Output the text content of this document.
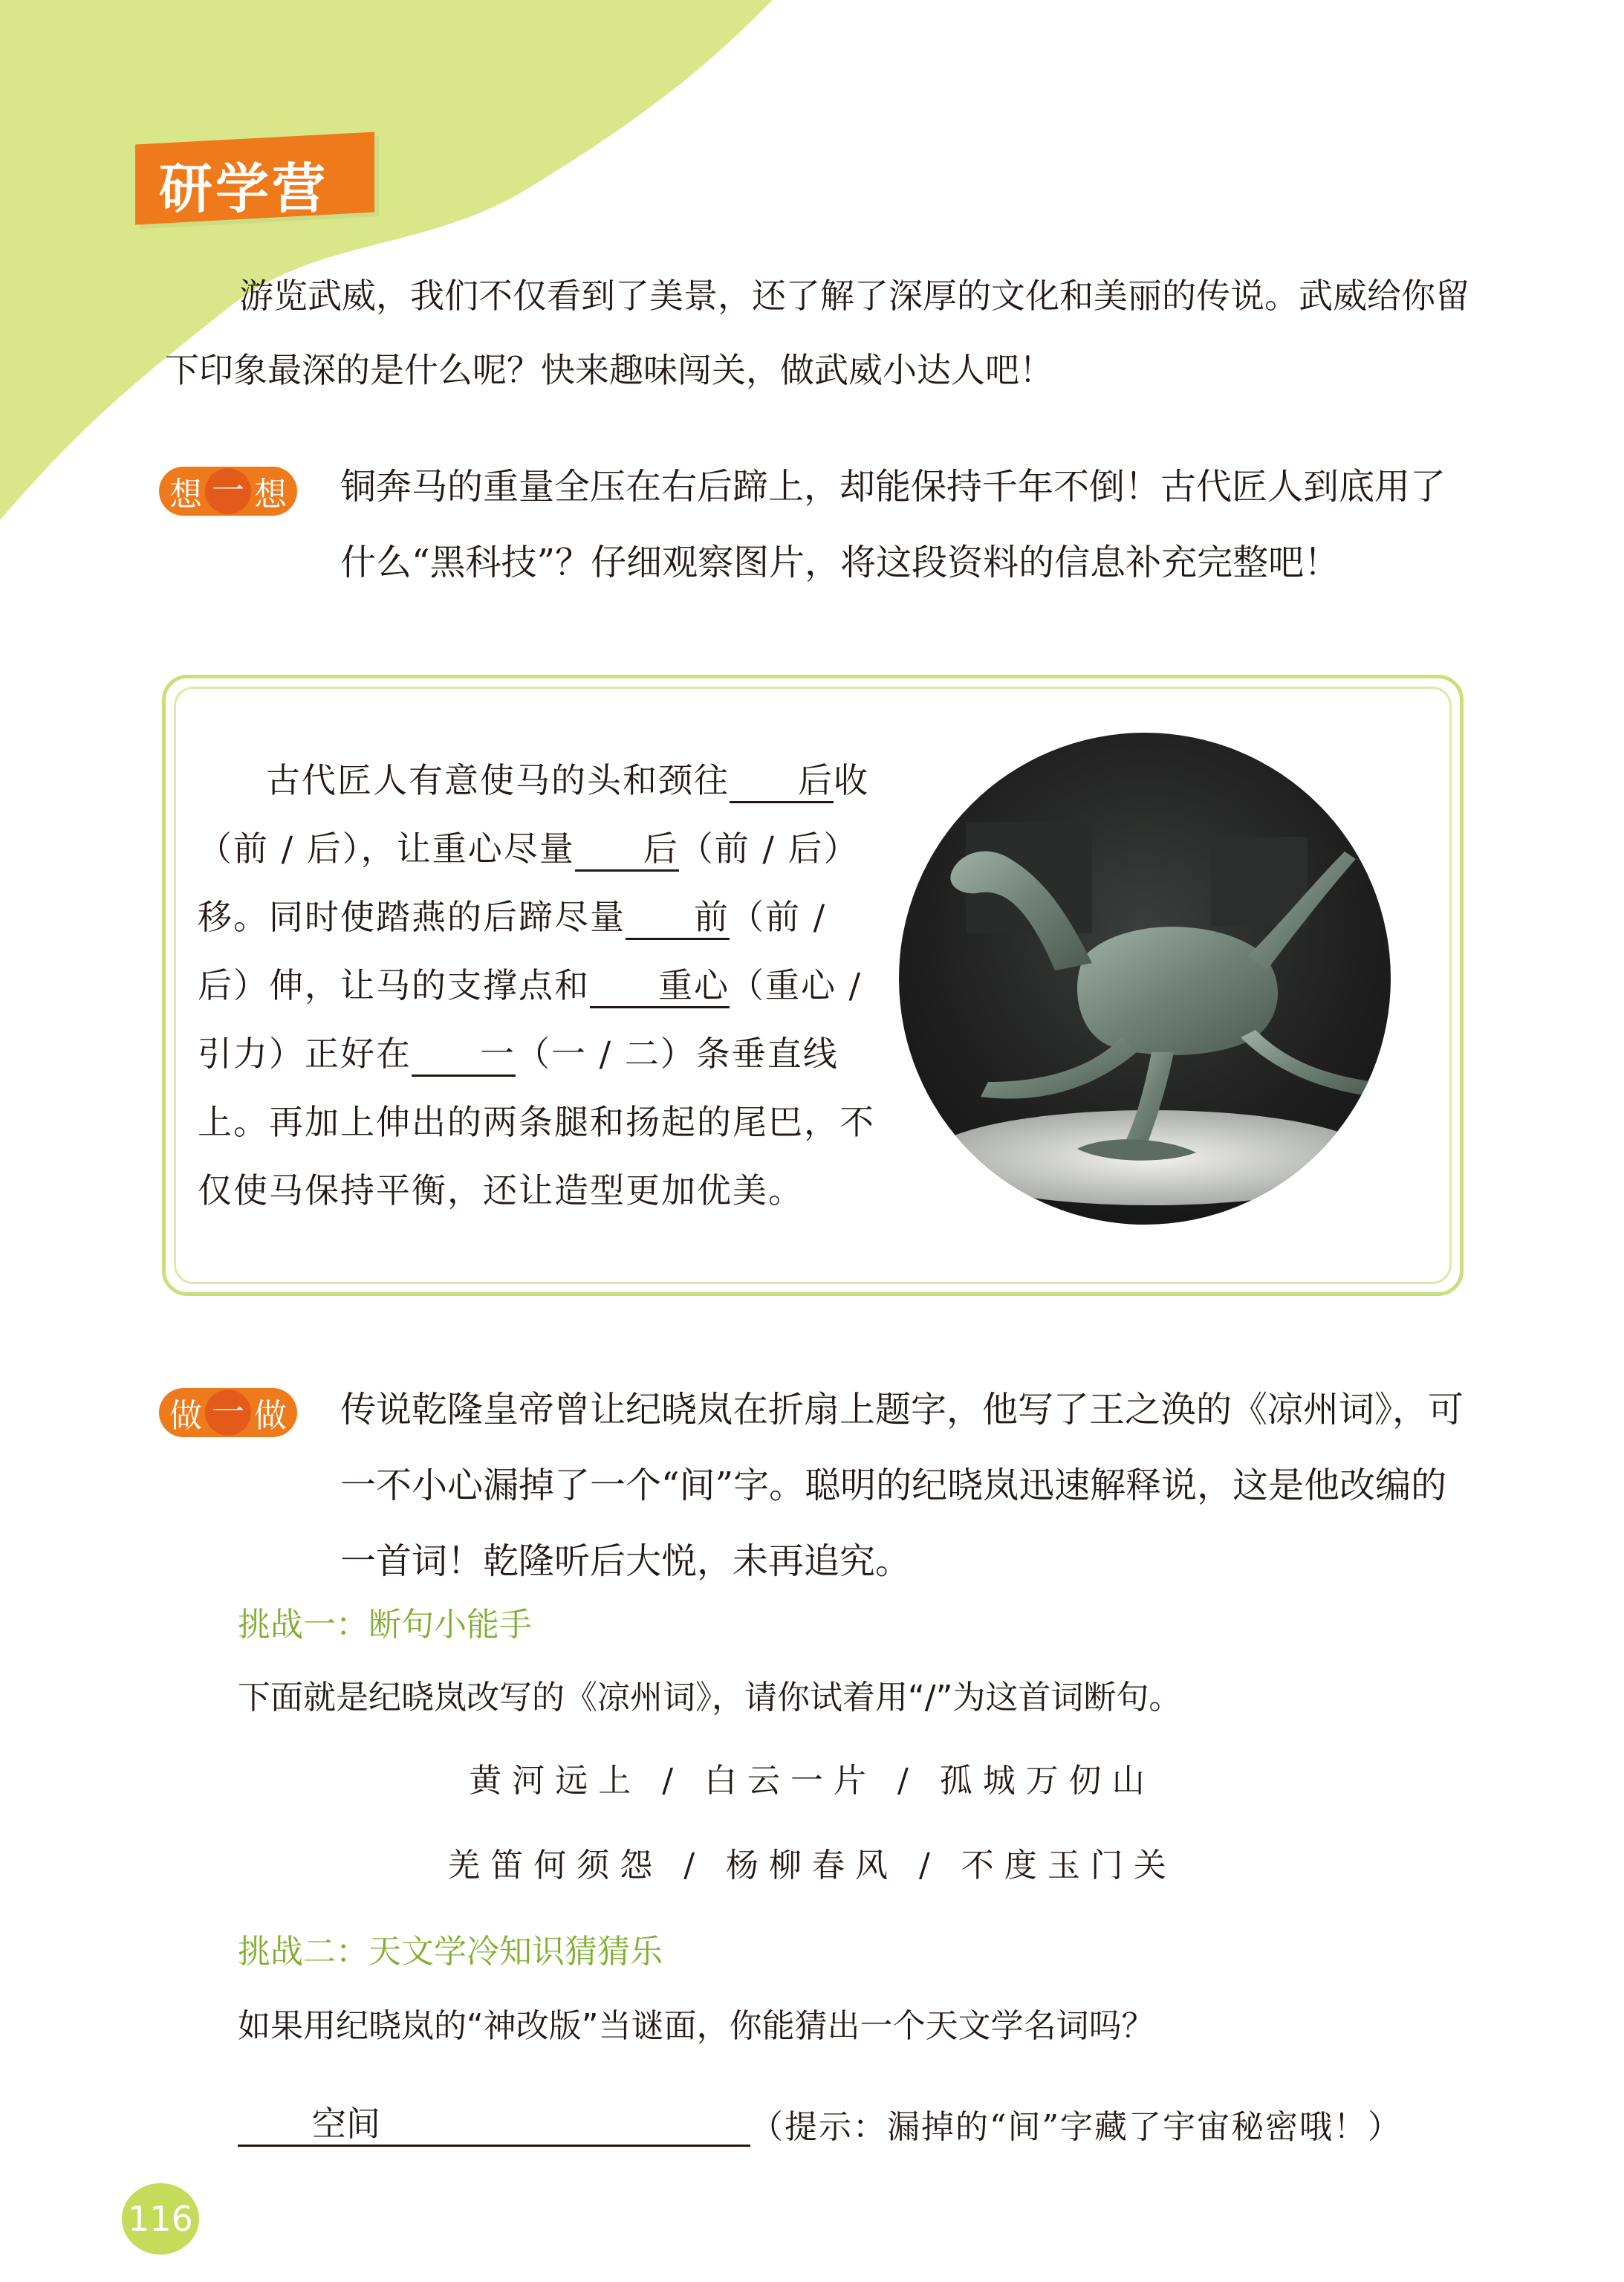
研学营
游览武威，我们不仅看到了美景，还了解了深厚的文化和美丽的传说。武威给你留下印象最深的是什么呢？快来趣味闯关，做武威小达人吧！
想 一 想 铜奔马的重量全压在右后蹄上，却能保持千年不倒！古代匠人到底用了什么“黑科技”？仔细观察图片，将这段资料的信息补充完整吧！

古代匠人有意使马的头和颈往 后收（前 / 后），让重心尽量 后（前 / 后）移。同时使踏燕的后蹄尽量 前（前 / 后）伸，让马的支撑点和 重心（重心 / 引力）正好在 一（一 / 二）条垂直线上。再加上伸出的两条腿和扬起的尾巴，不仅使马保持平衡，还让造型更加优美。

做 一 做 传说乾隆皇帝曾让纪晓岚在折扇上题字，他写了王之涣的《凉州词》，可一不小心漏掉了一个“间”字。聪明的纪晓岚迅速解释说，这是他改编的一首词！乾隆听后大悦，未再追究。
挑战一：断句小能手
下面就是纪晓岚改写的《凉州词》，请你试着用“/”为这首词断句。
黄河远上 / 白云一片 / 孤城万仞山
羌笛何须怨 / 杨柳春风 / 不度玉门关
挑战二：天文学冷知识猜猜乐
如果用纪晓岚的“神改版”当谜面，你能猜出一个天文学名词吗？
空间	（提示：漏掉的“间”字藏了宇宙秘密哦！）
116
